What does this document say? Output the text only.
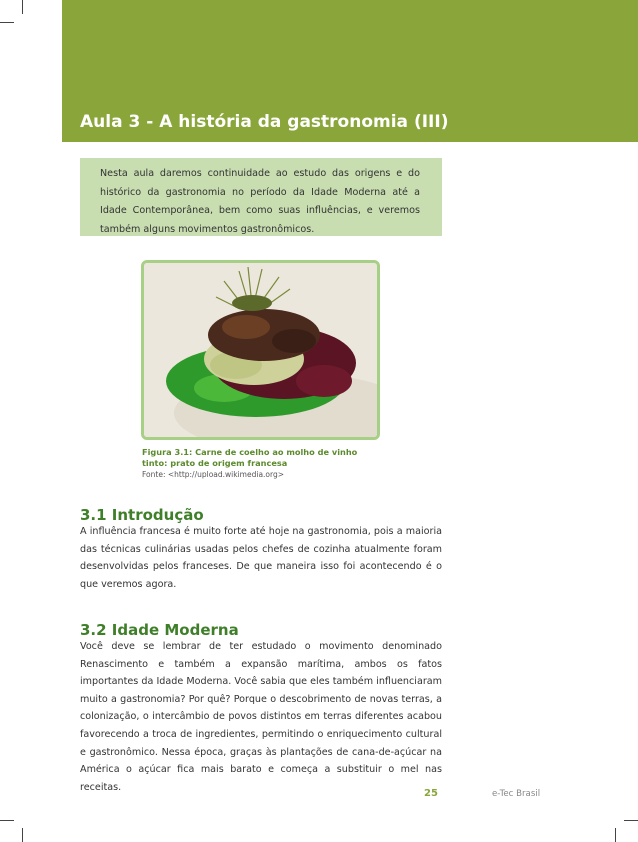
Aula 3 - A história da gastronomia (III)

Nesta aula daremos continuidade ao estudo das origens e do histórico da gastronomia no período da Idade Moderna até a Idade Contemporânea, bem como suas influências, e veremos também alguns movimentos gastronômicos.

Figura 3.1: Carne de coelho ao molho de vinho tinto: prato de origem francesa

Fonte: <http://upload.wikimedia.org>

3.1 Introdução

A influência francesa é muito forte até hoje na gastronomia, pois a maioria das técnicas culinárias usadas pelos chefes de cozinha atualmente foram desenvolvidas pelos franceses. De que maneira isso foi acontecendo é o que veremos agora.

3.2 Idade Moderna

Você deve se lembrar de ter estudado o movimento denominado Renascimento e também a expansão marítima, ambos os fatos importantes da Idade Moderna. Você sabia que eles também influenciaram muito a gastronomia? Por quê? Porque o descobrimento de novas terras, a colonização, o intercâmbio de povos distintos em terras diferentes acabou favorecendo a troca de ingredientes, permitindo o enriquecimento cultural e gastronômico. Nessa época, graças às plantações de cana-de-açúcar na América o açúcar fica mais barato e começa a substituir o mel nas receitas.

25	e-Tec Brasil
